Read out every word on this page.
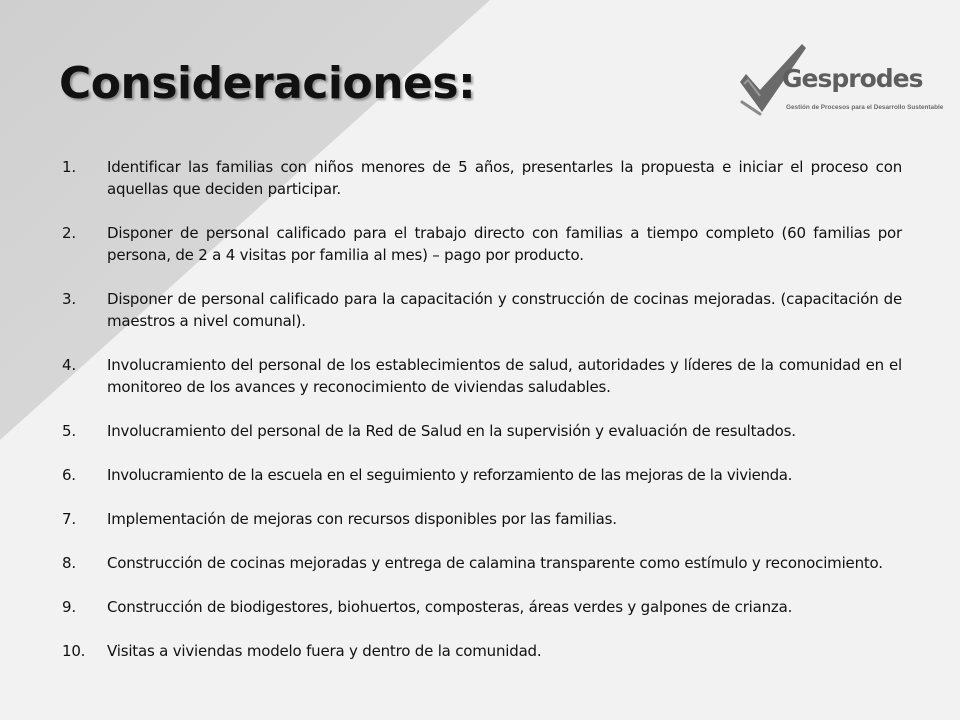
Consideraciones:	Gesprodes
Gestión de Procesos para el Desarrollo Sustentable
1. Identificar las familias con niños menores de 5 años, presentarles la propuesta e iniciar el proceso con aquellas que deciden participar.
2. Disponer de personal calificado para el trabajo directo con familias a tiempo completo (60 familias por persona, de 2 a 4 visitas por familia al mes) – pago por producto.
3. Disponer de personal calificado para la capacitación y construcción de cocinas mejoradas. (capacitación de maestros a nivel comunal).
4. Involucramiento del personal de los establecimientos de salud, autoridades y líderes de la comunidad en el monitoreo de los avances y reconocimiento de viviendas saludables.
5. Involucramiento del personal de la Red de Salud en la supervisión y evaluación de resultados.
6. Involucramiento de la escuela en el seguimiento y reforzamiento de las mejoras de la vivienda.
7. Implementación de mejoras con recursos disponibles por las familias.
8. Construcción de cocinas mejoradas y entrega de calamina transparente como estímulo y reconocimiento.
9. Construcción de biodigestores, biohuertos, composteras, áreas verdes y galpones de crianza.
10. Visitas a viviendas modelo fuera y dentro de la comunidad.
